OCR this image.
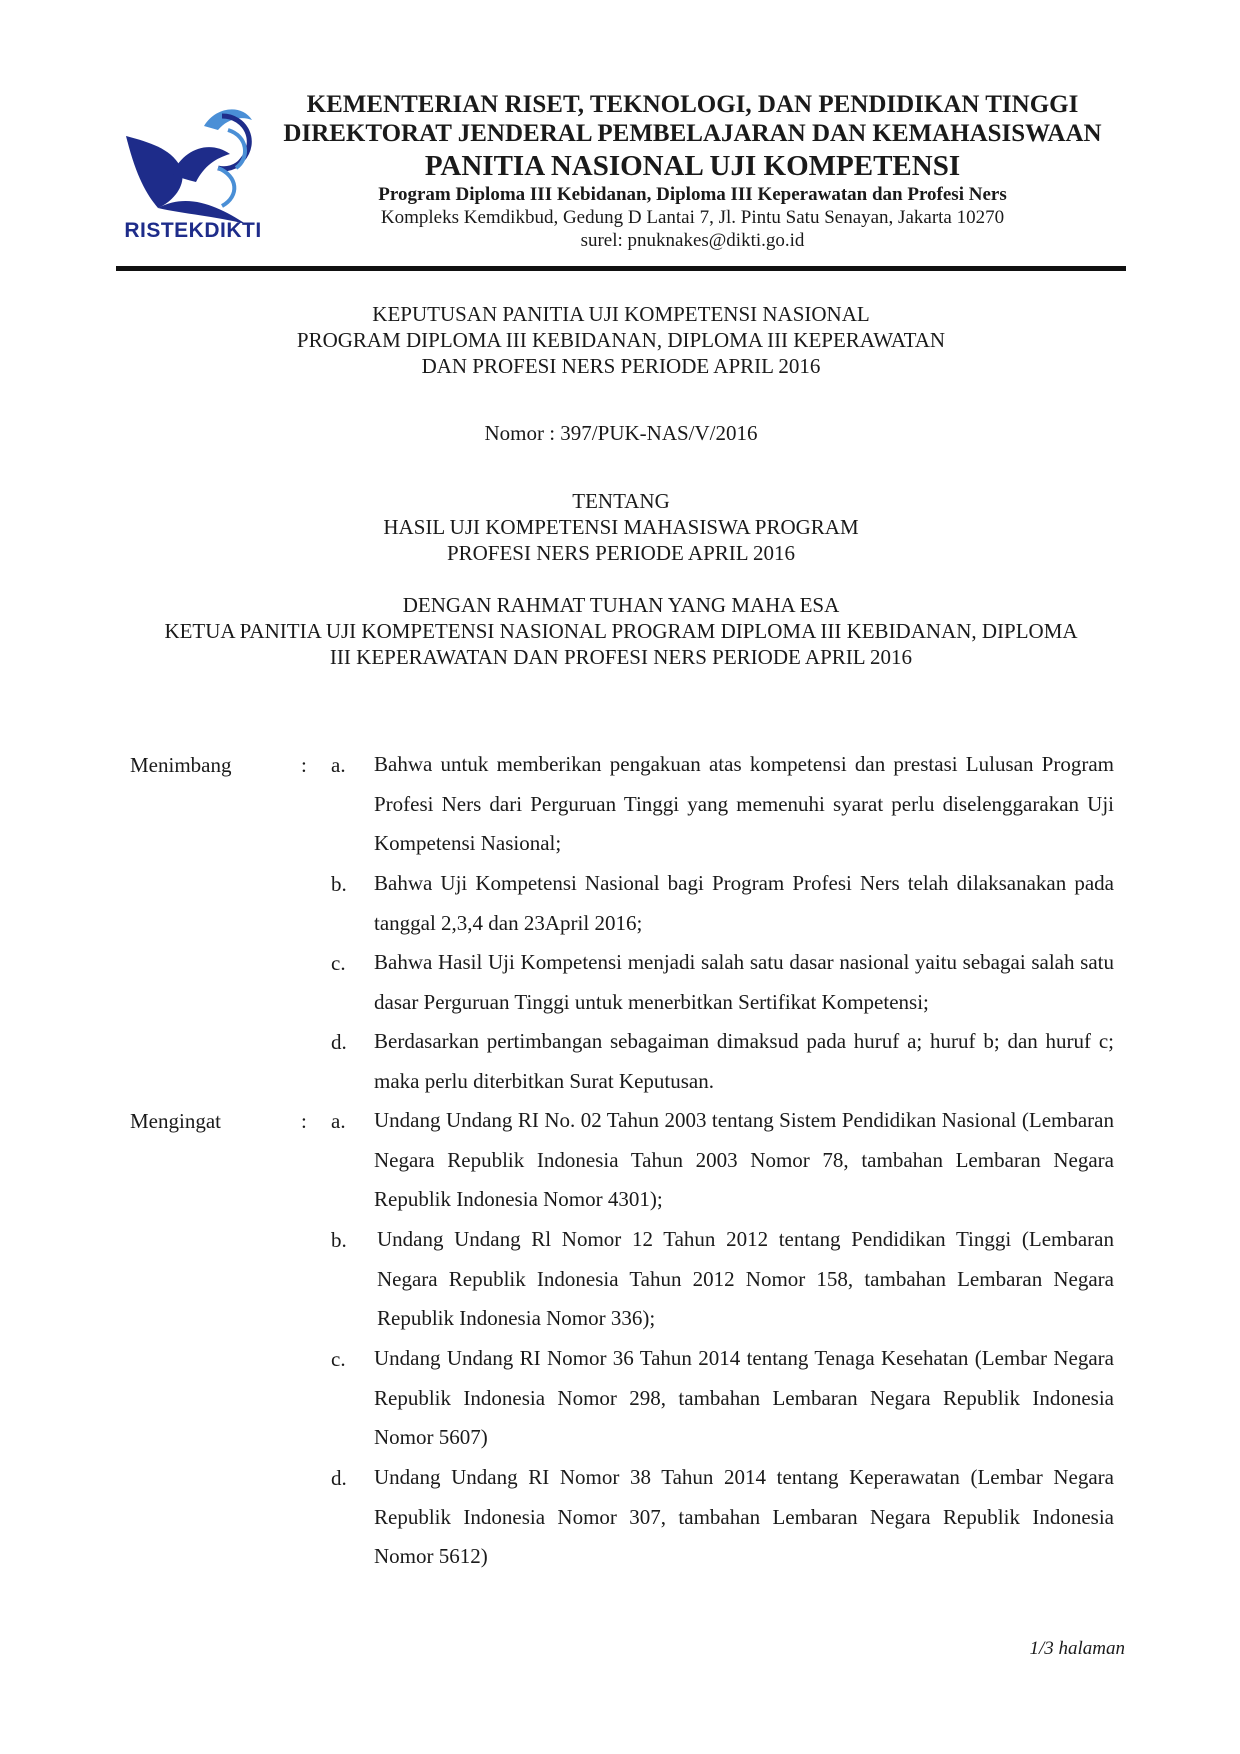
RISTEKDIKTI
KEMENTERIAN RISET, TEKNOLOGI, DAN PENDIDIKAN TINGGI
DIREKTORAT JENDERAL PEMBELAJARAN DAN KEMAHASISWAAN
PANITIA NASIONAL UJI KOMPETENSI
Program Diploma III Kebidanan, Diploma III Keperawatan dan Profesi Ners
Kompleks Kemdikbud, Gedung D Lantai 7, Jl. Pintu Satu Senayan, Jakarta 10270
surel: pnuknakes@dikti.go.id
KEPUTUSAN PANITIA UJI KOMPETENSI NASIONAL
PROGRAM DIPLOMA III KEBIDANAN, DIPLOMA III KEPERAWATAN
DAN PROFESI NERS PERIODE APRIL 2016
Nomor : 397/PUK-NAS/V/2016
TENTANG
HASIL UJI KOMPETENSI MAHASISWA PROGRAM
PROFESI NERS PERIODE APRIL 2016
DENGAN RAHMAT TUHAN YANG MAHA ESA
KETUA PANITIA UJI KOMPETENSI NASIONAL PROGRAM DIPLOMA III KEBIDANAN, DIPLOMA
III KEPERAWATAN DAN PROFESI NERS PERIODE APRIL 2016
Menimbang	: a. Bahwa untuk memberikan pengakuan atas kompetensi dan prestasi Lulusan Program Profesi Ners dari Perguruan Tinggi yang memenuhi syarat perlu diselenggarakan Uji Kompetensi Nasional;
b. Bahwa Uji Kompetensi Nasional bagi Program Profesi Ners telah dilaksanakan pada tanggal 2,3,4 dan 23April 2016;
c. Bahwa Hasil Uji Kompetensi menjadi salah satu dasar nasional yaitu sebagai salah satu dasar Perguruan Tinggi untuk menerbitkan Sertifikat Kompetensi;
d. Berdasarkan pertimbangan sebagaiman dimaksud pada huruf a; huruf b; dan huruf c; maka perlu diterbitkan Surat Keputusan.
Mengingat	: a. Undang Undang RI No. 02 Tahun 2003 tentang Sistem Pendidikan Nasional (Lembaran Negara Republik Indonesia Tahun 2003 Nomor 78, tambahan Lembaran Negara Republik Indonesia Nomor 4301);
b. Undang Undang Rl Nomor 12 Tahun 2012 tentang Pendidikan Tinggi (Lembaran Negara Republik Indonesia Tahun 2012 Nomor 158, tambahan Lembaran Negara Republik Indonesia Nomor 336);
c. Undang Undang RI Nomor 36 Tahun 2014 tentang Tenaga Kesehatan (Lembar Negara Republik Indonesia Nomor 298, tambahan Lembaran Negara Republik Indonesia Nomor 5607)
d. Undang Undang RI Nomor 38 Tahun 2014 tentang Keperawatan (Lembar Negara Republik Indonesia Nomor 307, tambahan Lembaran Negara Republik Indonesia Nomor 5612)
1/3 halaman
